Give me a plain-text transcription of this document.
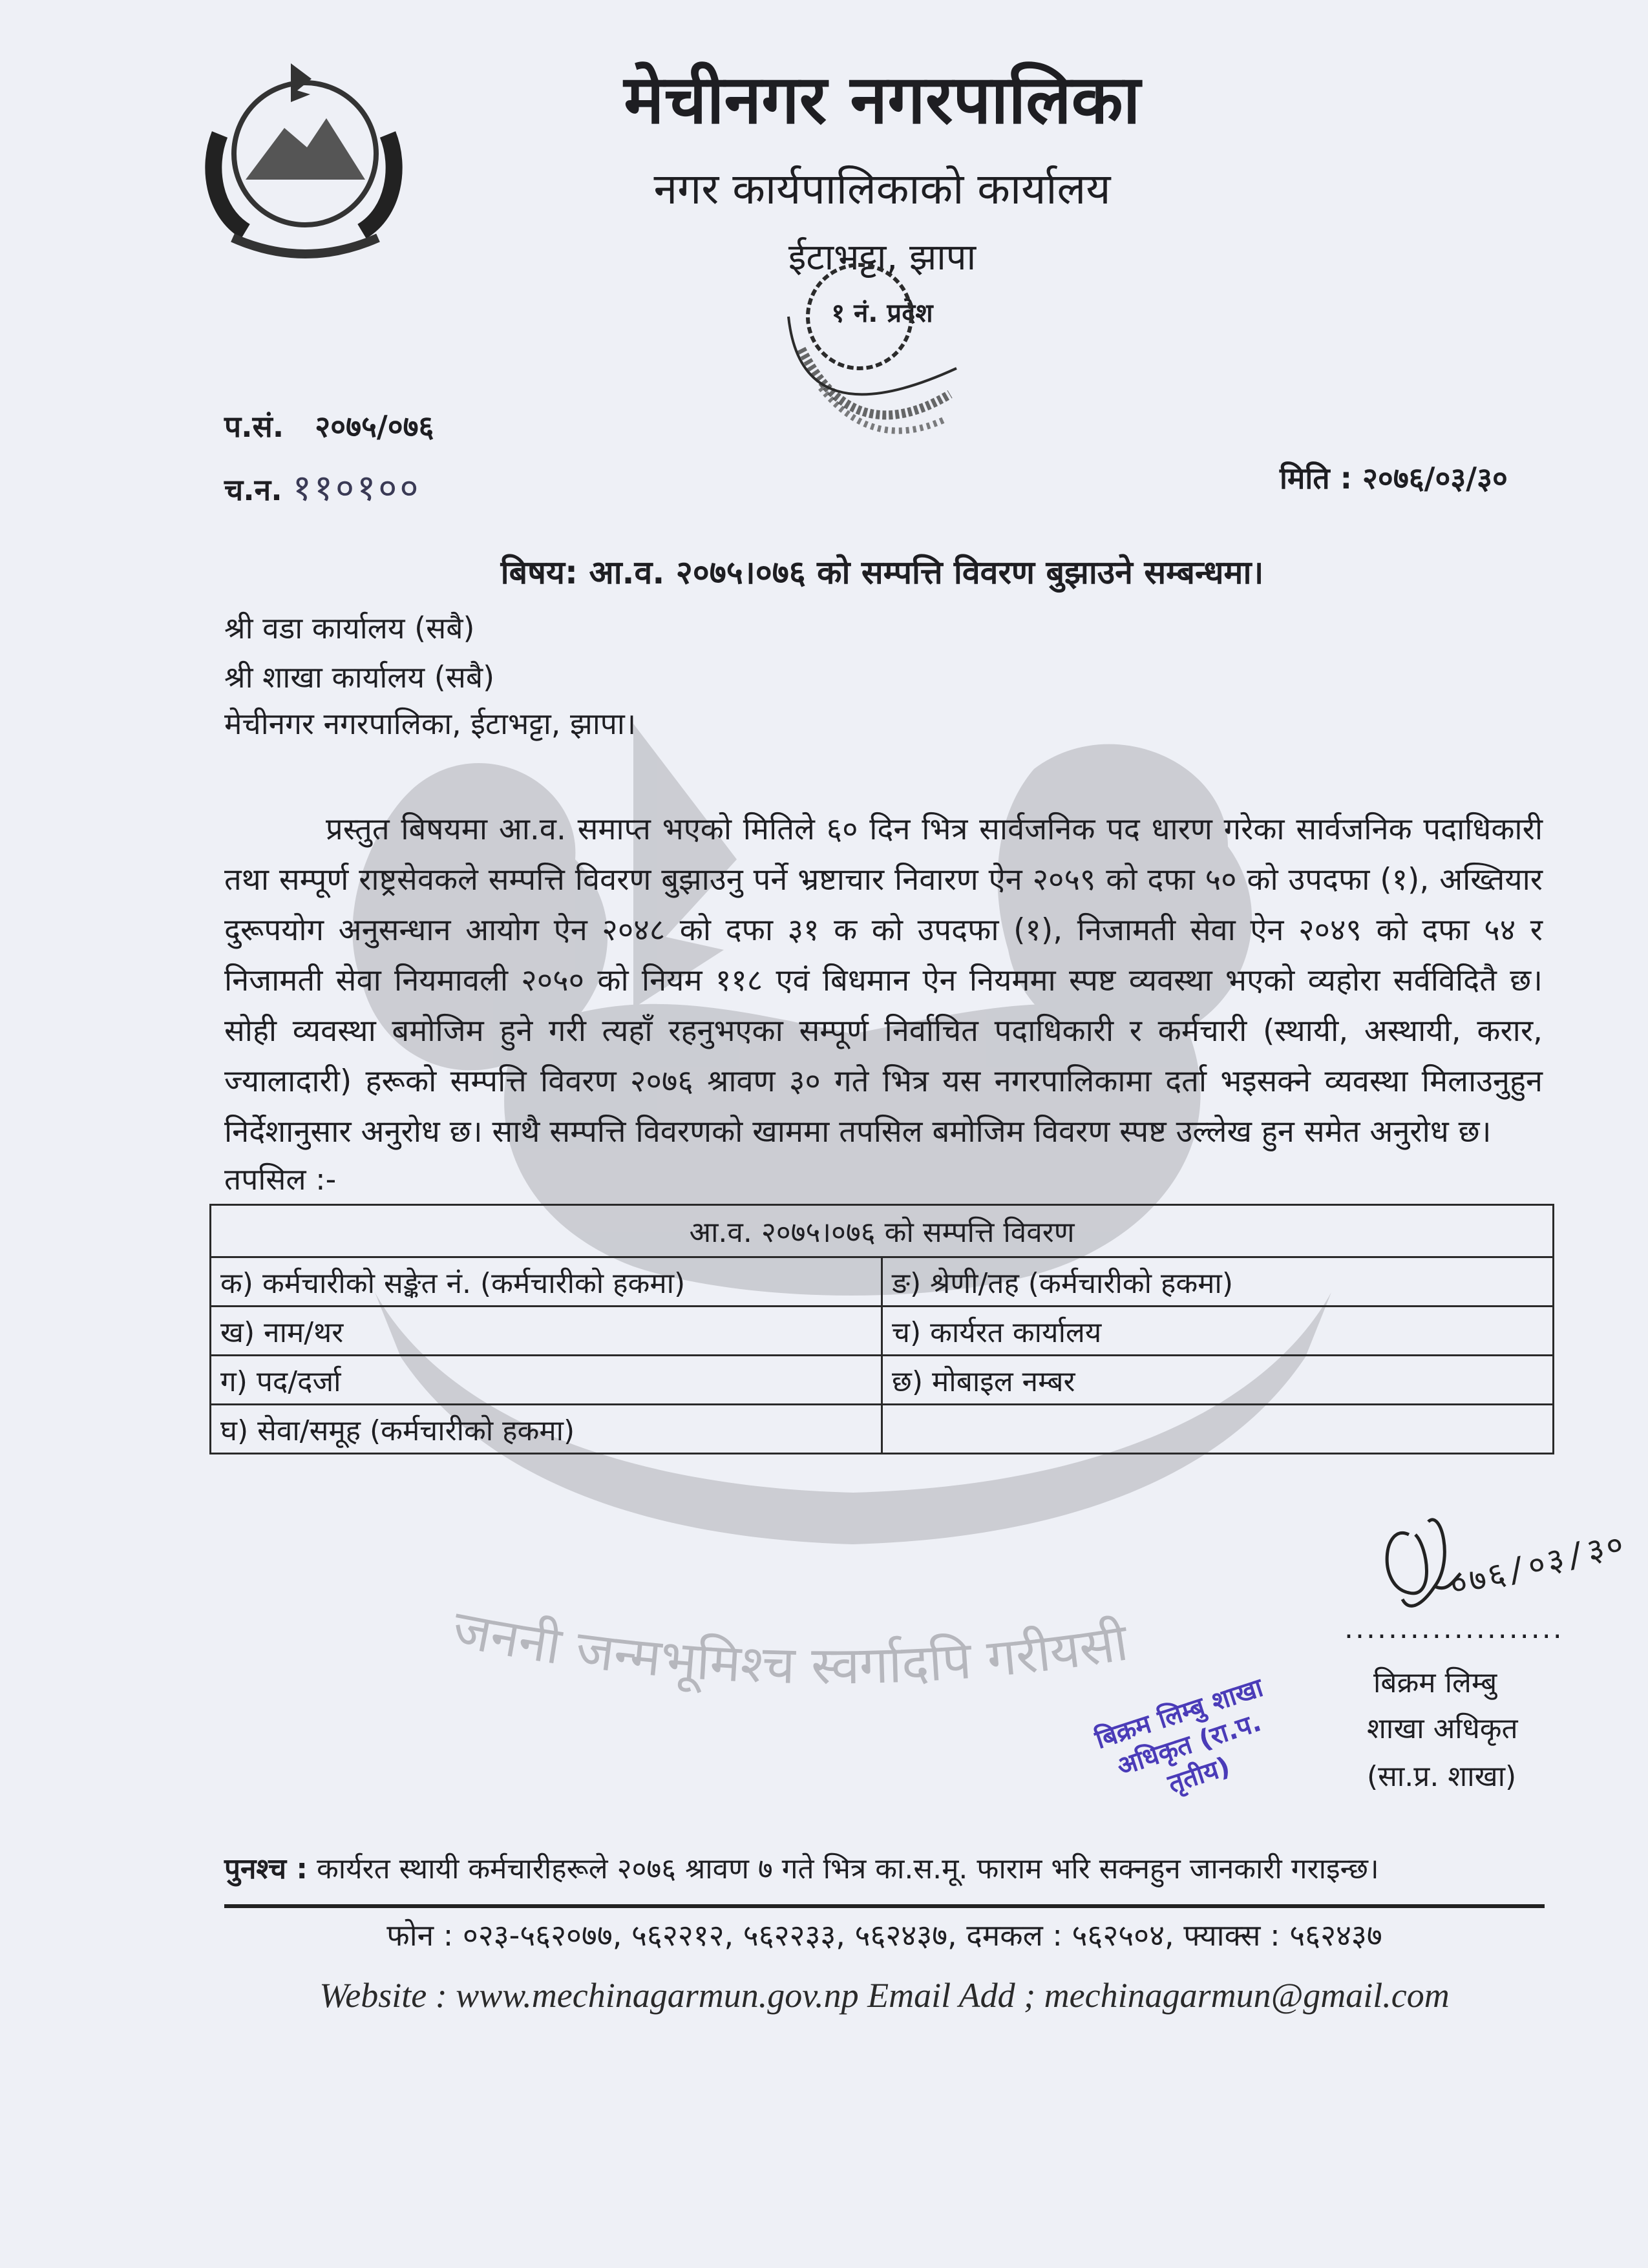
जननी जन्मभूमिश्च स्वर्गादपि गरीयसी
मेचीनगर नगरपालिका
नगर कार्यपालिकाको कार्यालय
ईटाभट्टा, झापा
१ नं. प्रदेश
प.सं. २०७५/०७६
च.न. ११०१००	मिति : २०७६/०३/३०
बिषय: आ.व. २०७५।०७६ को सम्पत्ति विवरण बुझाउने सम्बन्धमा।
श्री वडा कार्यालय (सबै)
श्री शाखा कार्यालय (सबै)
मेचीनगर नगरपालिका, ईटाभट्टा, झापा।

प्रस्तुत बिषयमा आ.व. समाप्त भएको मितिले ६० दिन भित्र सार्वजनिक पद धारण गरेका सार्वजनिक पदाधिकारी तथा सम्पूर्ण राष्ट्रसेवकले सम्पत्ति विवरण बुझाउनु पर्ने भ्रष्टाचार निवारण ऐन २०५९ को दफा ५० को उपदफा (१), अख्तियार दुरूपयोग अनुसन्धान आयोग ऐन २०४८ को दफा ३१ क को उपदफा (१), निजामती सेवा ऐन २०४९ को दफा ५४ र निजामती सेवा नियमावली २०५० को नियम ११८ एवं बिधमान ऐन नियममा स्पष्ट व्यवस्था भएको व्यहोरा सर्वविदितै छ। सोही व्यवस्था बमोजिम हुने गरी त्यहाँ रहनुभएका सम्पूर्ण निर्वाचित पदाधिकारी र कर्मचारी (स्थायी, अस्थायी, करार, ज्यालादारी) हरूको सम्पत्ति विवरण २०७६ श्रावण ३० गते भित्र यस नगरपालिकामा दर्ता भइसक्ने व्यवस्था मिलाउनुहुन निर्देशानुसार अनुरोध छ। साथै सम्पत्ति विवरणको खाममा तपसिल बमोजिम विवरण स्पष्ट उल्लेख हुन समेत अनुरोध छ।

तपसिल :-
आ.व. २०७५।०७६ को सम्पत्ति विवरण	
क) कर्मचारीको सङ्केत नं. (कर्मचारीको हकमा)	ङ) श्रेणी/तह (कर्मचारीको हकमा)
ख) नाम/थर	च) कार्यरत कार्यालय
ग) पद/दर्जा	छ) मोबाइल नम्बर
घ) सेवा/समूह (कर्मचारीको हकमा)	
०७६/०३/३०
....................
बिक्रम लिम्बु
शाखा अधिकृत
(सा.प्र. शाखा)
बिक्रम लिम्बु शाखा अधिकृत (रा.प. तृतीय)
पुनश्च : कार्यरत स्थायी कर्मचारीहरूले २०७६ श्रावण ७ गते भित्र का.स.मू. फाराम भरि सक्नहुन जानकारी गराइन्छ।
फोन : ०२३-५६२०७७, ५६२२१२, ५६२२३३, ५६२४३७, दमकल : ५६२५०४, फ्याक्स : ५६२४३७
Website : www.mechinagarmun.gov.np Email Add ; mechinagarmun@gmail.com
